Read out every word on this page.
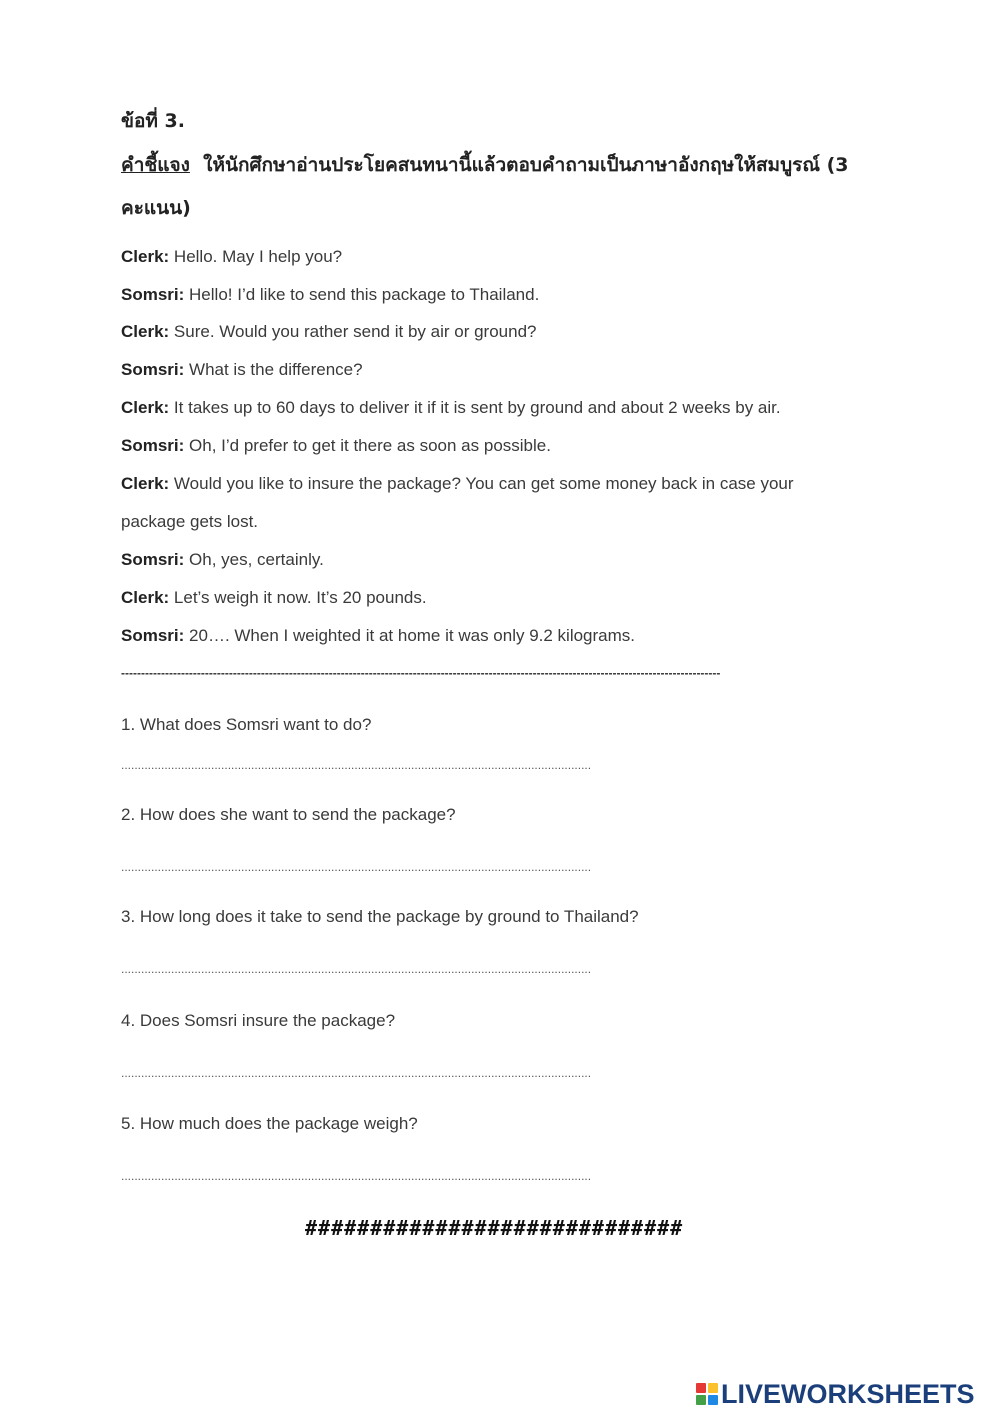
ข้อที่ 3.

คำชี้แจง ให้นักศึกษาอ่านประโยคสนทนานี้แล้วตอบคำถามเป็นภาษาอังกฤษให้สมบูรณ์ (3

คะแนน)

Clerk: Hello. May I help you?

Somsri: Hello! I’d like to send this package to Thailand.

Clerk: Sure. Would you rather send it by air or ground?

Somsri: What is the difference?

Clerk: It takes up to 60 days to deliver it if it is sent by ground and about 2 weeks by air.

Somsri: Oh, I’d prefer to get it there as soon as possible.

Clerk: Would you like to insure the package? You can get some money back in case your

package gets lost.

Somsri: Oh, yes, certainly.

Clerk: Let’s weigh it now. It’s 20 pounds.

Somsri: 20…. When I weighted it at home it was only 9.2 kilograms.

------------------------------------------------------------------------------------------------------------------------------------------------------

1. What does Somsri want to do?

.............................................................................................................................................

2. How does she want to send the package?

.............................................................................................................................................

3. How long does it take to send the package by ground to Thailand?

.............................................................................................................................................

4. Does Somsri insure the package?

.............................................................................................................................................

5. How much does the package weigh?

.............................................................................................................................................

#############################

LIVEWORKSHEETS
